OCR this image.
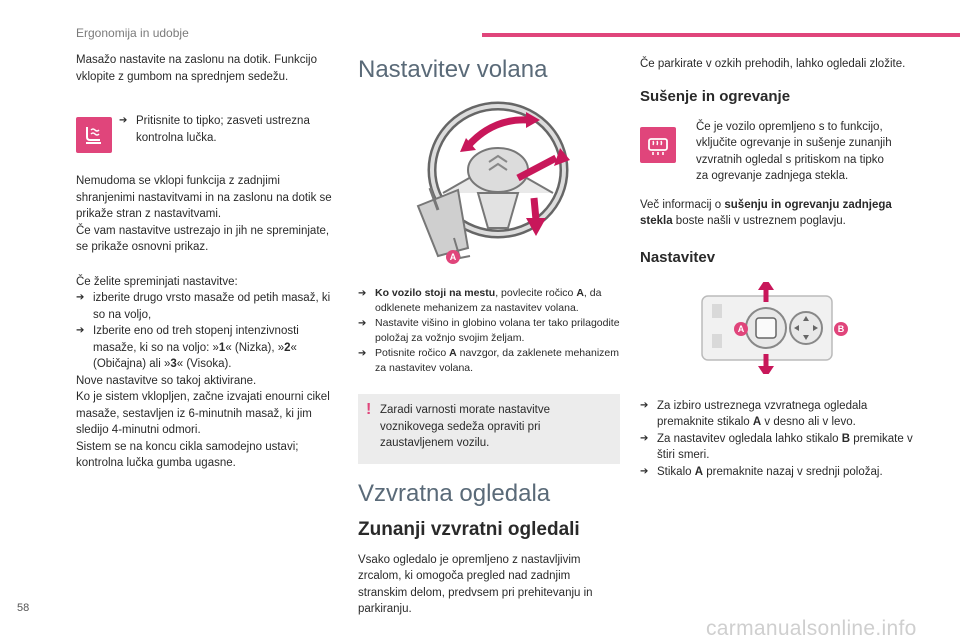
Ergonomija in udobje

Masažo nastavite na zaslonu na dotik. Funkcijo vklopite z gumbom na sprednjem sedežu.

➔ Pritisnite to tipko; zasveti ustrezna kontrolna lučka.

Nemudoma se vklopi funkcija z zadnjimi shranjenimi nastavitvami in na zaslonu na dotik se prikaže stran z nastavitvami.

Če vam nastavitve ustrezajo in jih ne spreminjate, se prikaže osnovni prikaz.

Če želite spreminjati nastavitve:

➔ izberite drugo vrsto masaže od petih masaž, ki so na voljo,
➔ Izberite eno od treh stopenj intenzivnosti masaže, ki so na voljo: »1« (Nizka), »2« (Običajna) ali »3« (Visoka).

Nove nastavitve so takoj aktivirane.

Ko je sistem vklopljen, začne izvajati enourni cikel masaže, sestavljen iz 6-minutnih masaž, ki jim sledijo 4-minutni odmori.

Sistem se na koncu cikla samodejno ustavi; kontrolna lučka gumba ugasne.

Nastavitev volana
A
➔ Ko vozilo stoji na mestu, povlecite ročico A, da odklenete mehanizem za nastavitev volana.
➔ Nastavite višino in globino volana ter tako prilagodite položaj za vožnjo svojim željam.
➔ Potisnite ročico A navzgor, da zaklenete mehanizem za nastavitev volana.
! Zaradi varnosti morate nastavitve voznikovega sedeža opraviti pri zaustavljenem vozilu.
Vzvratna ogledala
Zunanji vzvratni ogledali

Vsako ogledalo je opremljeno z nastavljivim zrcalom, ki omogoča pregled nad zadnjim stranskim delom, predvsem pri prehitevanju in parkiranju.

Če parkirate v ozkih prehodih, lahko ogledali zložite.

Sušenje in ogrevanje
Če je vozilo opremljeno s to funkcijo, vključite ogrevanje in sušenje zunanjih vzvratnih ogledal s pritiskom na tipko za ogrevanje zadnjega stekla.

Več informacij o sušenju in ogrevanju zadnjega stekla boste našli v ustreznem poglavju.

Nastavitev
A	B
➔ Za izbiro ustreznega vzvratnega ogledala premaknite stikalo A v desno ali v levo.
➔ Za nastavitev ogledala lahko stikalo B premikate v štiri smeri.
➔ Stikalo A premaknite nazaj v srednji položaj.
58
carmanualsonline.info
